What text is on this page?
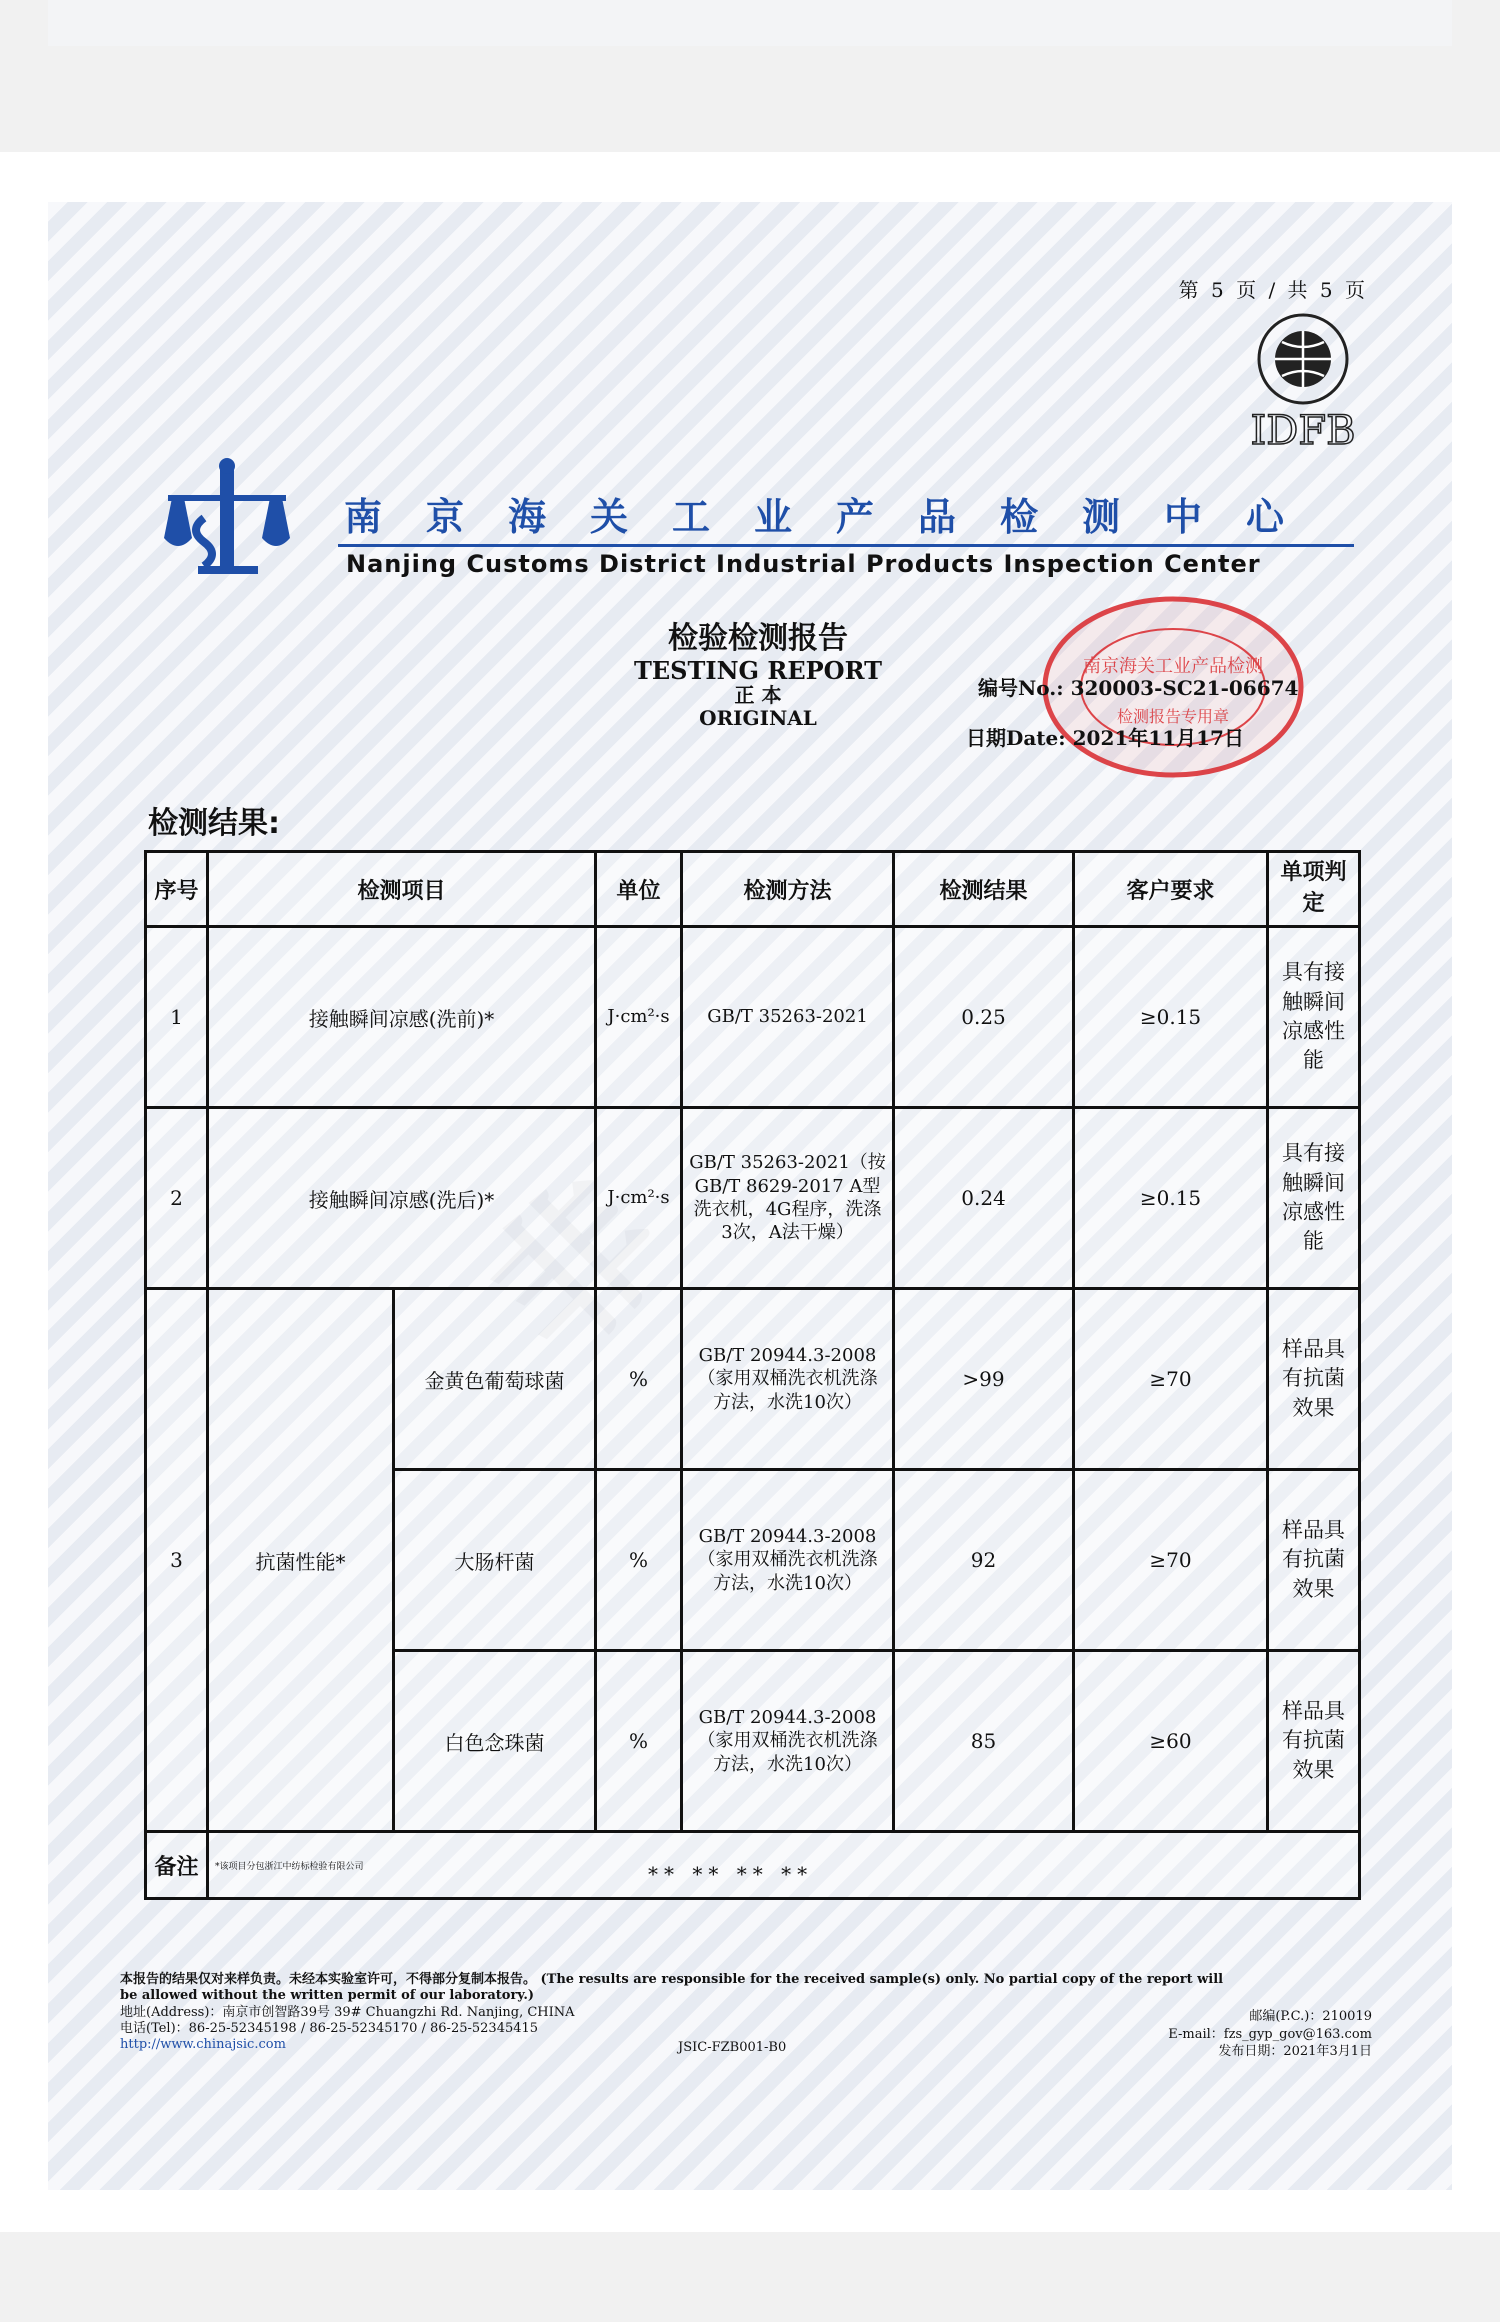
第 5 页 / 共 5 页
IDFB
南京海关工业产品检测中心
Nanjing Customs District Industrial Products Inspection Center
检验检测报告
TESTING REPORT
正 本
ORIGINAL
南京海关工业产品检测
检测报告专用章
编号No.: 320003-SC21-06674
日期Date: 2021年11月17日
检测结果:
序号	检测项目		单位	检测方法	检测结果	客户要求	单项判定
1	接触瞬间凉感(洗前)*		J·cm²·s	GB/T 35263-2021	0.25	≥0.15	具有接触瞬间凉感性能
2	接触瞬间凉感(洗后)*		J·cm²·s	GB/T 35263-2021（按GB/T 8629-2017 A型洗衣机，4G程序，洗涤3次，A法干燥）	0.24	≥0.15	具有接触瞬间凉感性能
3	抗菌性能*	金黄色葡萄球菌	%	GB/T 20944.3-2008（家用双桶洗衣机洗涤方法，水洗10次）	>99	≥70	样品具有抗菌效果
		大肠杆菌	%	GB/T 20944.3-2008（家用双桶洗衣机洗涤方法，水洗10次）	92	≥70	样品具有抗菌效果
		白色念珠菌	%	GB/T 20944.3-2008（家用双桶洗衣机洗涤方法，水洗10次）	85	≥60	样品具有抗菌效果
备注	*该项目分包浙江中纺标检验有限公司							** ** ** **
本报告的结果仅对来样负责。未经本实验室许可，不得部分复制本报告。 (The results are responsible for the received sample(s) only. No partial copy of the report will
be allowed without the written permit of our laboratory.)
地址(Address)：南京市创智路39号 39# Chuangzhi Rd. Nanjing, CHINA
电话(Tel)：86-25-52345198 / 86-25-52345170 / 86-25-52345415
http://www.chinajsic.com	JSIC-FZB001-B0
邮编(P.C.)：210019
E-mail：fzs_gyp_gov@163.com
发布日期：2021年3月1日
